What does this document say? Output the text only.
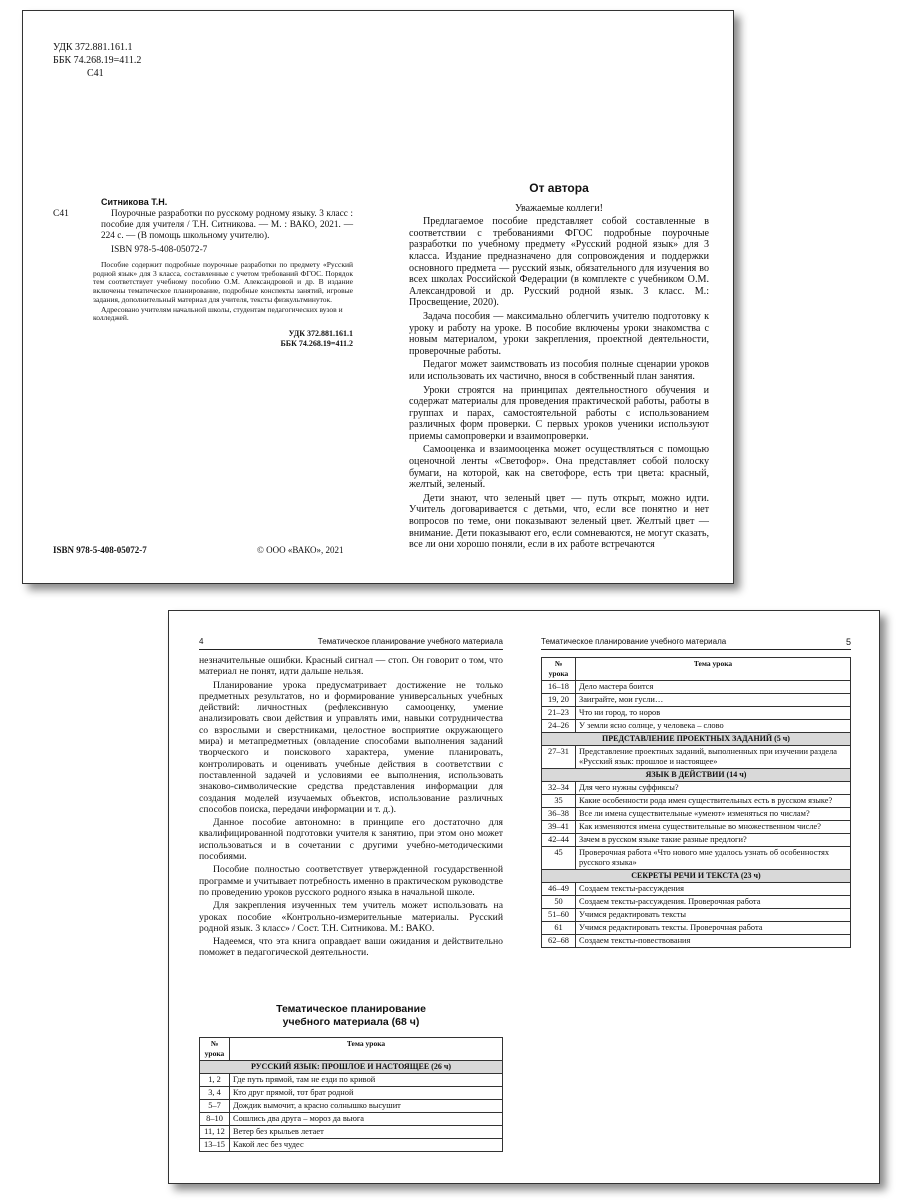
УДК 372.881.161.1
ББК 74.268.19=411.2
С41
Ситникова Т.Н.
С41	Поурочные разработки по русскому родному языку. 3 класс : пособие для учителя / Т.Н. Ситникова. — М. : ВАКО, 2021. — 224 с. — (В помощь школьному учителю).
ISBN 978-5-408-05072-7
Пособие содержит подробные поурочные разработки по предмету «Русский родной язык» для 3 класса, составленные с учетом требований ФГОС. Порядок тем соответствует учебному пособию О.М. Александровой и др. В издание включены тематическое планирование, подробные конспекты занятий, игровые задания, дополнительный материал для учителя, тексты физкультминуток.
Адресовано учителям начальной школы, студентам педагогических вузов и колледжей.
УДК 372.881.161.1
ББК 74.268.19=411.2
ISBN 978-5-408-05072-7	© ООО «ВАКО», 2021
От автора
Уважаемые коллеги!

Предлагаемое пособие представляет собой составленные в соответствии с требованиями ФГОС подробные поурочные разработки по учебному предмету «Русский родной язык» для 3 класса. Издание предназначено для сопровождения и поддержки основного предмета — русский язык, обязательного для изучения во всех школах Российской Федерации (в комплекте с учебником О.М. Александровой и др. Русский родной язык. 3 класс. М.: Просвещение, 2020).

Задача пособия — максимально облегчить учителю подготовку к уроку и работу на уроке. В пособие включены уроки знакомства с новым материалом, уроки закрепления, проектной деятельности, проверочные работы.

Педагог может заимствовать из пособия полные сценарии уроков или использовать их частично, внося в собственный план занятия.

Уроки строятся на принципах деятельностного обучения и содержат материалы для проведения практической работы, работы в группах и парах, самостоятельной работы с использованием различных форм проверки. С первых уроков ученики используют приемы самопроверки и взаимопроверки.

Самооценка и взаимооценка может осуществляться с помощью оценочной ленты «Светофор». Она представляет собой полоску бумаги, на которой, как на светофоре, есть три цвета: красный, желтый, зеленый.

Дети знают, что зеленый цвет — путь открыт, можно идти. Учитель договаривается с детьми, что, если все понятно и нет вопросов по теме, они показывают зеленый цвет. Желтый цвет — внимание. Дети показывают его, если сомневаются, не могут сказать, все ли они хорошо поняли, если в их работе встречаются

4	Тематическое планирование учебного материала

незначительные ошибки. Красный сигнал — стоп. Он говорит о том, что материал не понят, идти дальше нельзя.

Планирование урока предусматривает достижение не только предметных результатов, но и формирование универсальных учебных действий: личностных (рефлексивную самооценку, умение анализировать свои действия и управлять ими, навыки сотрудничества со взрослыми и сверстниками, целостное восприятие окружающего мира) и метапредметных (овладение способами выполнения заданий творческого и поискового характера, умение планировать, контролировать и оценивать учебные действия в соответствии с поставленной задачей и условиями ее выполнения, использовать знаково-символические средства представления информации для создания моделей изучаемых объектов, использование различных способов поиска, передачи информации и т. д.).

Данное пособие автономно: в принципе его достаточно для квалифицированной подготовки учителя к занятию, при этом оно может использоваться и в сочетании с другими учебно-методическими пособиями.

Пособие полностью соответствует утвержденной государственной программе и учитывает потребность именно в практическом руководстве по проведению уроков русского родного языка в начальной школе.

Для закрепления изученных тем учитель может использовать на уроках пособие «Контрольно-измерительные материалы. Русский родной язык. 3 класс» / Сост. Т.Н. Ситникова. М.: ВАКО.

Надеемся, что эта книга оправдает ваши ожидания и действительно поможет в педагогической деятельности.

Тематическое планирование
учебного материала (68 ч)
№ урока	Тема урока
РУССКИЙ ЯЗЫК: ПРОШЛОЕ И НАСТОЯЩЕЕ (26 ч)	
1, 2	Где путь прямой, там не езди по кривой
3, 4	Кто друг прямой, тот брат родной
5–7	Дождик вымочит, а красно солнышко высушит
8–10	Сошлись два друга – мороз да вьюга
11, 12	Ветер без крыльев летает
13–15	Какой лес без чудес
Тематическое планирование учебного материала	5
№ урока	Тема урока
16–18	Дело мастера боится
19, 20	Заиграйте, мои гусли…
21–23	Что ни город, то норов
24–26	У земли ясно солнце, у человека – слово
ПРЕДСТАВЛЕНИЕ ПРОЕКТНЫХ ЗАДАНИЙ (5 ч)	
27–31	Представление проектных заданий, выполненных при изучении раздела «Русский язык: прошлое и настоящее»
ЯЗЫК В ДЕЙСТВИИ (14 ч)	
32–34	Для чего нужны суффиксы?
35	Какие особенности рода имен существительных есть в русском языке?
36–38	Все ли имена существительные «умеют» изменяться по числам?
39–41	Как изменяются имена существительные во множественном числе?
42–44	Зачем в русском языке такие разные предлоги?
45	Проверочная работа «Что нового мне удалось узнать об особенностях русского языка»
СЕКРЕТЫ РЕЧИ И ТЕКСТА (23 ч)	
46–49	Создаем тексты-рассуждения
50	Создаем тексты-рассуждения. Проверочная работа
51–60	Учимся редактировать тексты
61	Учимся редактировать тексты. Проверочная работа
62–68	Создаем тексты-повествования
